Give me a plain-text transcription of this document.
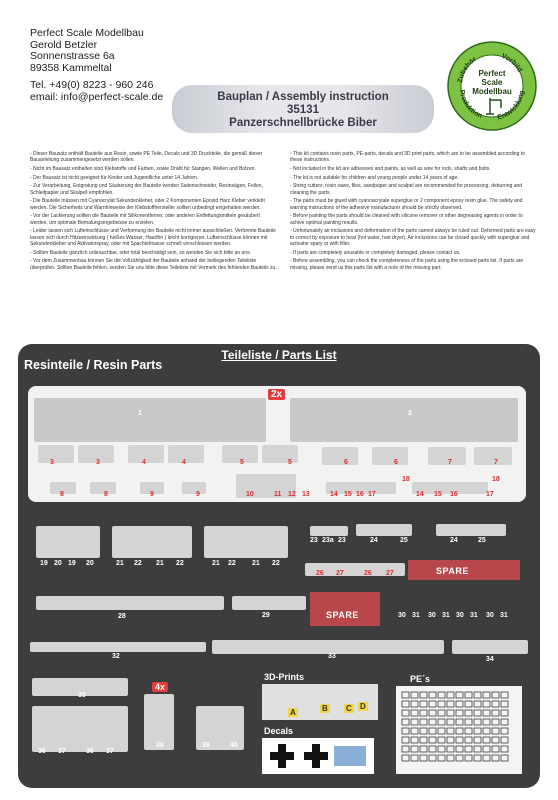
Perfect Scale Modellbau
Gerold Betzler
Sonnenstrasse 6a
89358 Kammeltal
Tel. +49(0) 8223 - 960 246
email: info@perfect-scale.de	Bauplan / Assembly instruction
35131
Panzerschnellbrücke Biber
Zubehör	Vorbild
Produktion Entwicklung
Perfect
Scale
Modellbau

- Dieser Bausatz enthält Bauteile aus Resin, sowie PE Teile, Decals und 3D Druckteile, die gemäß dieser Bauanleitung zusammengesetzt werden sollen.

- Nicht im Bausatz enthalten sind Klebstoffe und Farben, sowie Draht für Stangen, Wellen und Bolzen.

- Der Bausatz ist nicht geeignet für Kinder und Jugendliche unter 14 Jahren.

- Zur Verarbeitung, Entgratung und Säuberung der Bauteile werden Saitenschneider, Resinsägen, Feilen, Schleifpapier und Skalpell empfohlen.

- Die Bauteile müssen mit Cyanacrylat Sekundenkleber, oder 2 Komponenten Epoxid Harz Kleber verklebt werden. Die Sicherheits und Warnhinweise der Klebstoffhersteller sollten unbedingt eingehalten werden.

- Vor der Lackierung sollten die Bauteile mit Silikonentferner, oder anderen Entfettungsmitteln gesäubert werden, um optimale Bemalungsergebnisse zu erzielen.

- Leider lassen sich Lufteinschlüsse und Verformung der Bauteile nicht immer ausschließen. Verformte Bauteile lassen sich durch Hitzeeinwirkung ( heißes Wasser, Haarfön ) leicht korrigieren. Lufteinschlüsse können mit Sekundenkleber und Aktivatorspray, oder mit Spachtelmasse schnell verschlossen werden.

- Sollten Bauteile gänzlich unbrauchbar, oder total beschädigt sein, so wenden Sie sich bitte an uns.

- Vor dem Zusammenbau können Sie die Vollzähligkeit der Bauteile anhand der beiliegenden Teileliste überprüfen. Sollten Bauteile fehlen, senden Sie uns bitte diese Teileliste mit Vermerk des fehlenden Bauteils zu.

- This kit contains resin parts, PE-parts, decals and 3D print parts, which are to be assembled according to these instructions.

- Not included in the kit are adhesives and paints, as well as wire for rods, shafts and bolts.

- The kit is not suitable for children and young people under 14 years of age.

- String cutters, resin saws, files, sandpaper and scalpel are recommended for processing, deburring and cleaning the parts.

- The parts must be glued with cyanoacrylate superglue or 2 component epoxy resin glue. The safety and warning instructions of the adhesive manufacturer should be strictly observed.

- Before painting the parts should be cleaned with silicone remover or other degreasing agents in order to achive optimal painting results.

- Unfortunately air inclusions and deformation of the parts cannot always be ruled out. Deformed parts are easy to correct by exposure to heat (hot water, hair dryer). Air inclusions can be closed quickly with superglue and activator spary or with filler.

- If parts are completely unusable or completely damaged, please contact us.

- Before assembling, you can check the completeness of the parts using the eclosed parts list. If parts are missing, please send us this parts list with a note of the missing part.

Teileliste / Parts List
Resinteile / Resin Parts
2x
1	2
3	3	4	4	5	5	6	6	7	7
8	8	9	9	10	11 12 13	14 15 16 17
18
14 15 16	17
18
19 20 19 20	21 22 21 22	21 22 21 22
23 23a 23	24	25	24	25
SPARE
26 27	26 27
SPARE
28	29	30 31 30 31 30 31 30 31
32	33	34
4x
35
36 37	36 37
38	39	40
3D-Prints
A	B C D
Decals
PE´s
